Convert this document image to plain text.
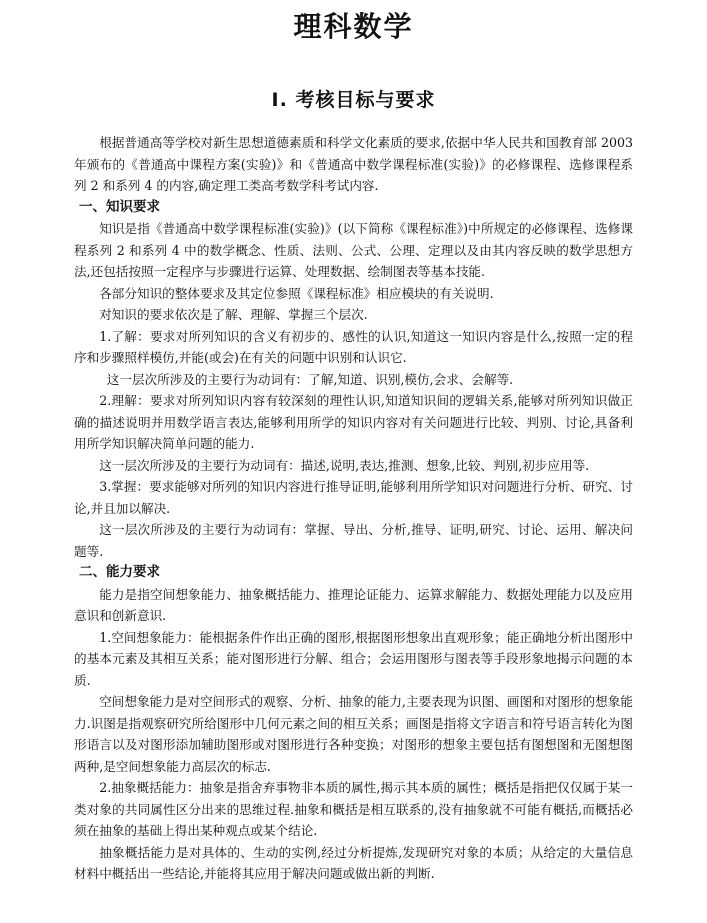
理科数学
Ⅰ. 考核目标与要求

根据普通高等学校对新生思想道德素质和科学文化素质的要求,依据中华人民共和国教育部 2003 年颁布的《普通高中课程方案(实验)》和《普通高中数学课程标准(实验)》的必修课程、选修课程系列 2 和系列 4 的内容,确定理工类高考数学科考试内容.

一、知识要求

知识是指《普通高中数学课程标准(实验)》(以下简称《课程标准》)中所规定的必修课程、选修课程系列 2 和系列 4 中的数学概念、性质、法则、公式、公理、定理以及由其内容反映的数学思想方法,还包括按照一定程序与步骤进行运算、处理数据、绘制图表等基本技能.

各部分知识的整体要求及其定位参照《课程标准》相应模块的有关说明.

对知识的要求依次是了解、理解、掌握三个层次.

1.了解：要求对所列知识的含义有初步的、感性的认识,知道这一知识内容是什么,按照一定的程序和步骤照样模仿,并能(或会)在有关的问题中识别和认识它.

这一层次所涉及的主要行为动词有：了解,知道、识别,模仿,会求、会解等.

2.理解：要求对所列知识内容有较深刻的理性认识,知道知识间的逻辑关系,能够对所列知识做正确的描述说明并用数学语言表达,能够利用所学的知识内容对有关问题进行比较、判别、讨论,具备利用所学知识解决简单问题的能力.

这一层次所涉及的主要行为动词有：描述,说明,表达,推测、想象,比较、判别,初步应用等.

3.掌握：要求能够对所列的知识内容进行推导证明,能够利用所学知识对问题进行分析、研究、讨论,并且加以解决.

这一层次所涉及的主要行为动词有：掌握、导出、分析,推导、证明,研究、讨论、运用、解决问题等.

二、能力要求

能力是指空间想象能力、抽象概括能力、推理论证能力、运算求解能力、数据处理能力以及应用意识和创新意识.

1.空间想象能力：能根据条件作出正确的图形,根据图形想象出直观形象；能正确地分析出图形中的基本元素及其相互关系；能对图形进行分解、组合；会运用图形与图表等手段形象地揭示问题的本质.

空间想象能力是对空间形式的观察、分析、抽象的能力,主要表现为识图、画图和对图形的想象能力.识图是指观察研究所给图形中几何元素之间的相互关系；画图是指将文字语言和符号语言转化为图形语言以及对图形添加辅助图形或对图形进行各种变换；对图形的想象主要包括有图想图和无图想图两种,是空间想象能力高层次的标志.

2.抽象概括能力：抽象是指舍弃事物非本质的属性,揭示其本质的属性；概括是指把仅仅属于某一类对象的共同属性区分出来的思维过程.抽象和概括是相互联系的,没有抽象就不可能有概括,而概括必须在抽象的基础上得出某种观点或某个结论.

抽象概括能力是对具体的、生动的实例,经过分析提炼,发现研究对象的本质；从给定的大量信息材料中概括出一些结论,并能将其应用于解决问题或做出新的判断.
